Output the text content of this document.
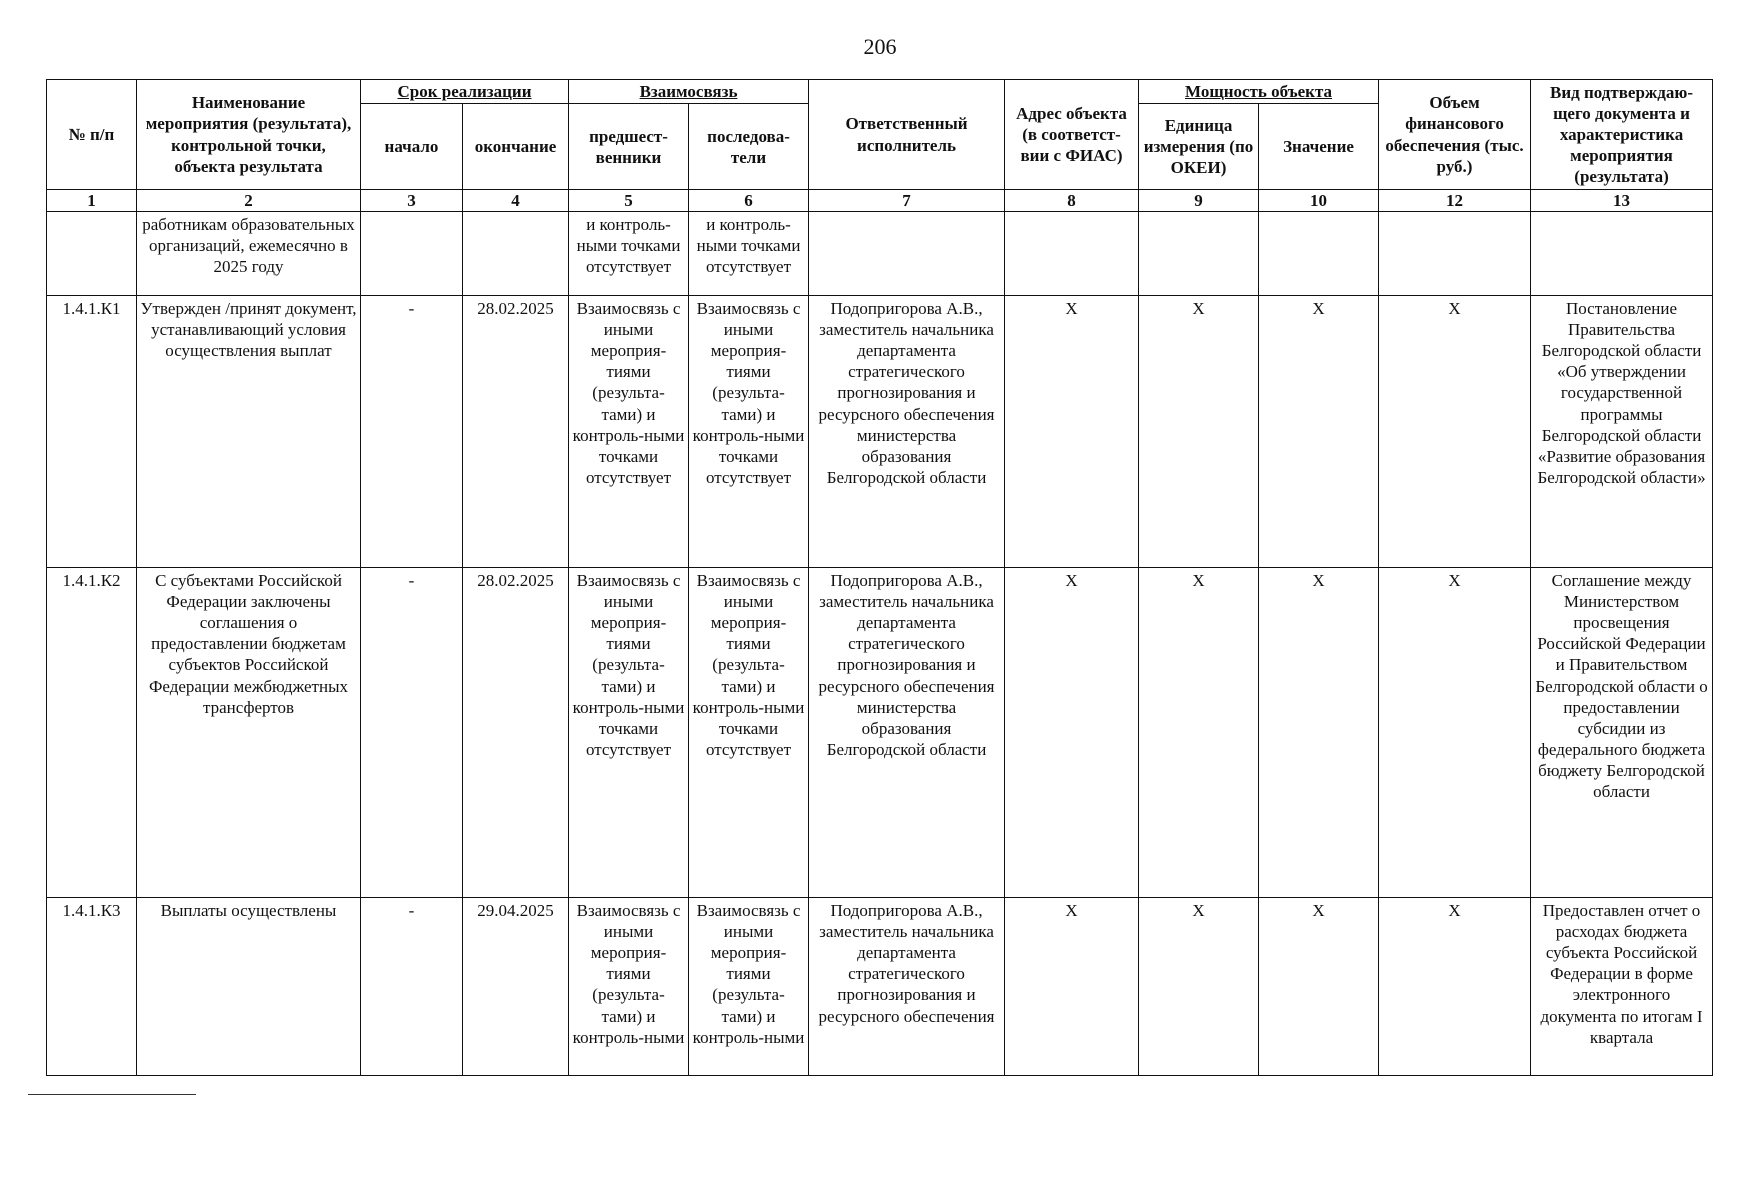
206
№ п/п	Наименование мероприятия (результата), контрольной точки, объекта результата	Срок реализации		Взаимосвязь		Ответственный исполнитель	Адрес объекта (в соответст-вии с ФИАС)	Мощность объекта		Объем финансового обеспечения (тыс. руб.)	Вид подтверждаю-щего документа и характеристика мероприятия (результата)
		начало	окончание	предшест-венники	последова-тели			Единица измерения (по ОКЕИ)	Значение		
1	2	3	4	5	6	7	8	9	10	12	13
	работникам образовательных организаций, ежемесячно в 2025 году			и контроль-ными точками отсутствует	и контроль-ными точками отсутствует						
1.4.1.К1	Утвержден /принят документ, устанавливающий условия осуществления выплат	-	28.02.2025	Взаимосвязь с иными мероприя-тиями (результа-тами) и контроль-ными точками отсутствует	Взаимосвязь с иными мероприя-тиями (результа-тами) и контроль-ными точками отсутствует	Подопригорова А.В., заместитель начальника департамента стратегического прогнозирования и ресурсного обеспечения министерства образования Белгородской области	X	X	X	X	Постановление Правительства Белгородской области «Об утверждении государственной программы Белгородской области «Развитие образования Белгородской области»
1.4.1.К2	С субъектами Российской Федерации заключены соглашения о предоставлении бюджетам субъектов Российской Федерации межбюджетных трансфертов	-	28.02.2025	Взаимосвязь с иными мероприя-тиями (результа-тами) и контроль-ными точками отсутствует	Взаимосвязь с иными мероприя-тиями (результа-тами) и контроль-ными точками отсутствует	Подопригорова А.В., заместитель начальника департамента стратегического прогнозирования и ресурсного обеспечения министерства образования Белгородской области	X	X	X	X	Соглашение между Министерством просвещения Российской Федерации и Правительством Белгородской области о предоставлении субсидии из федерального бюджета бюджету Белгородской области
1.4.1.К3	Выплаты осуществлены	-	29.04.2025	Взаимосвязь с иными мероприя-тиями (результа-тами) и контроль-ными	Взаимосвязь с иными мероприя-тиями (результа-тами) и контроль-ными	Подопригорова А.В., заместитель начальника департамента стратегического прогнозирования и ресурсного обеспечения	X	X	X	X	Предоставлен отчет о расходах бюджета субъекта Российской Федерации в форме электронного документа по итогам I квартала
